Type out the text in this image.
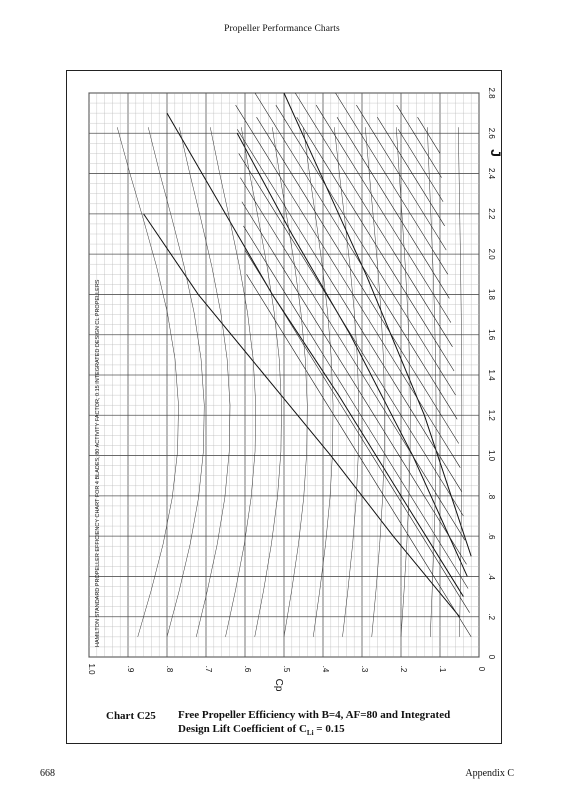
Propeller Performance Charts
HAMILTON STANDARD PROPELLER EFFICIENCY CHART FOR 4 BLADES, 80 ACTIVITY FACTOR, 0.15 INTEGRATED DESIGN CL PROPELLERS
0
.2
.4
.6
.8
1.0
1.2
1.4
1.6
1.8
2.0
2.2
2.4
2.6
2.8
0
.1
.2
.3
.4
.5
.6
.7
.8
.9
1.0
J
Cp
Chart C25 Free Propeller Efficiency with B=4, AF=80 and Integrated
Design Lift Coefficient of $C_{Li} = 0.15$
668	Appendix C
